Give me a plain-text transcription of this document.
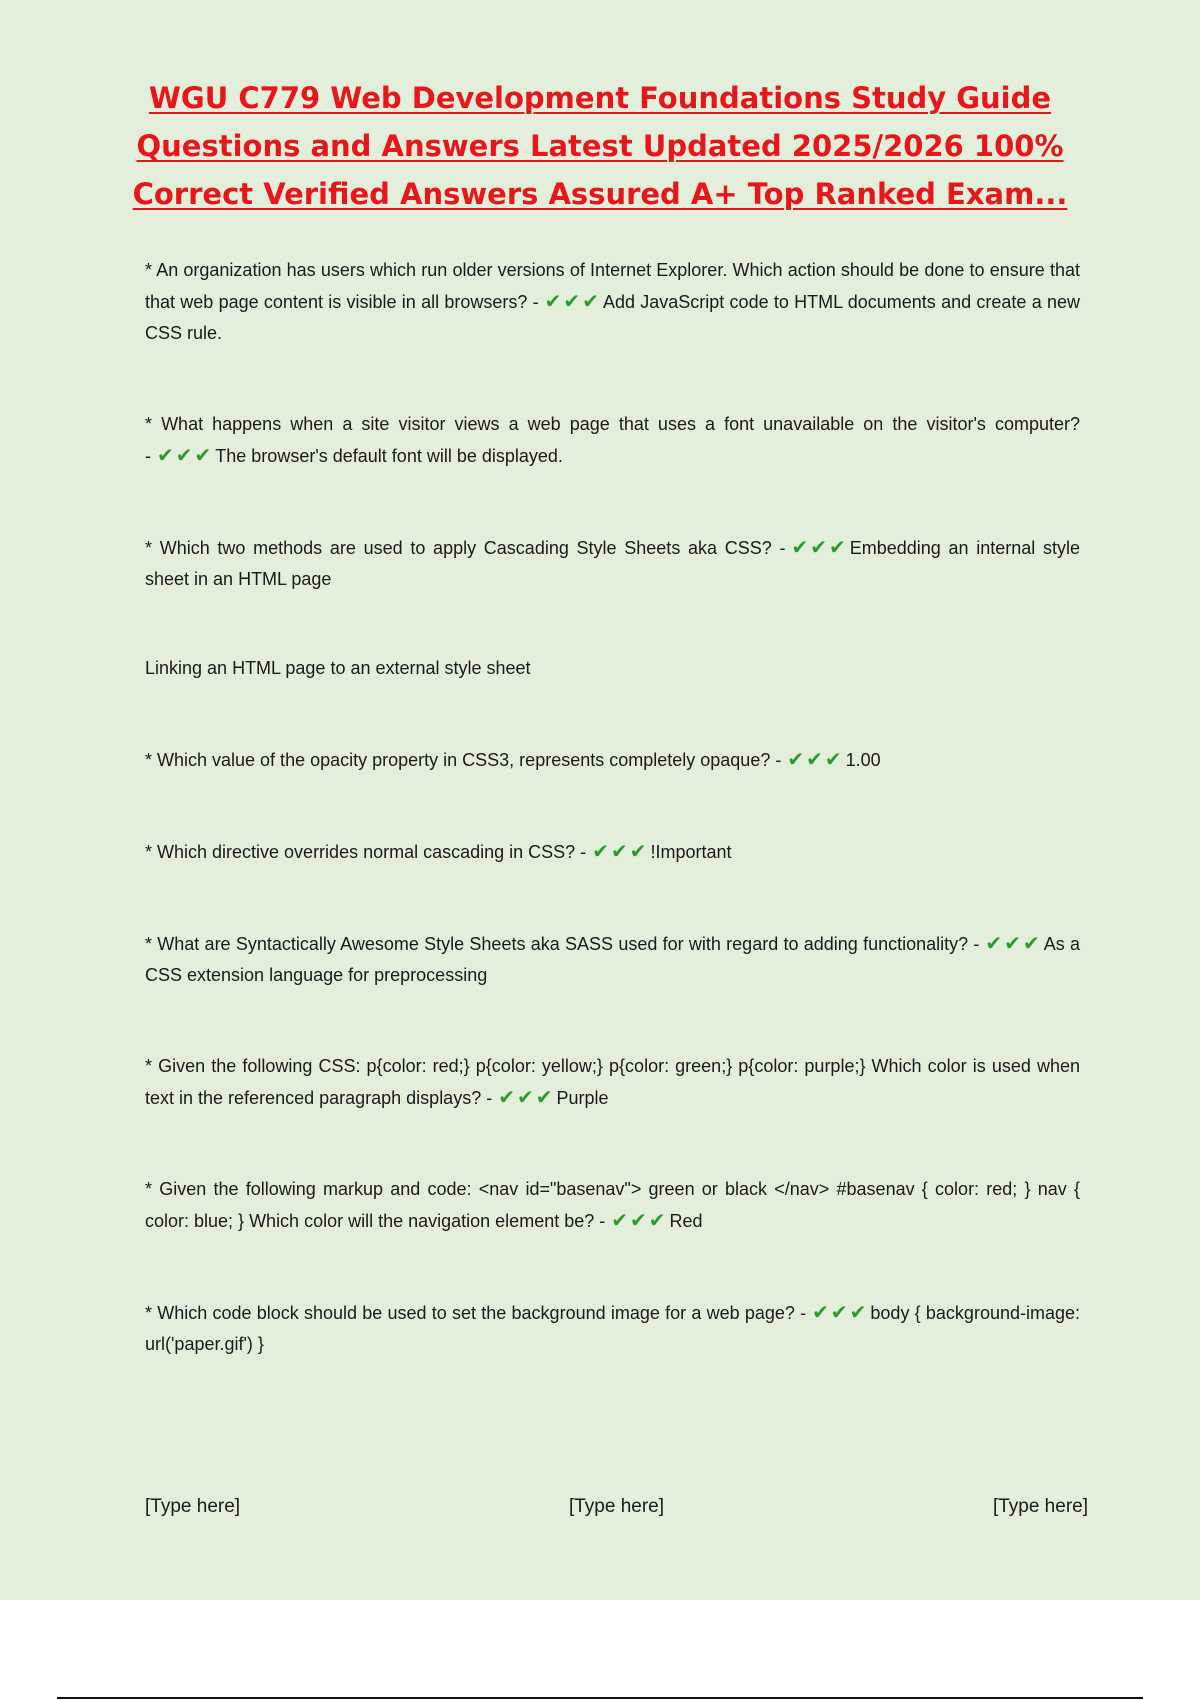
WGU C779 Web Development Foundations Study Guide
Questions and Answers Latest Updated 2025/2026 100%
Correct Verified Answers Assured A+ Top Ranked Exam...

* An organization has users which run older versions of Internet Explorer. Which action should be done to ensure that that web page content is visible in all browsers? - ✔✔✔ Add JavaScript code to HTML documents and create a new CSS rule.

* What happens when a site visitor views a web page that uses a font unavailable on the visitor's computer? - ✔✔✔ The browser's default font will be displayed.

* Which two methods are used to apply Cascading Style Sheets aka CSS? - ✔✔✔ Embedding an internal style sheet in an HTML page

Linking an HTML page to an external style sheet

* Which value of the opacity property in CSS3, represents completely opaque? - ✔✔✔ 1.00

* Which directive overrides normal cascading in CSS? - ✔✔✔ !Important

* What are Syntactically Awesome Style Sheets aka SASS used for with regard to adding functionality? - ✔✔✔ As a CSS extension language for preprocessing

* Given the following CSS: p{color: red;} p{color: yellow;} p{color: green;} p{color: purple;} Which color is used when text in the referenced paragraph displays? - ✔✔✔ Purple

* Given the following markup and code: <nav id="basenav"> green or black </nav> #basenav { color: red; } nav { color: blue; } Which color will the navigation element be? - ✔✔✔ Red

* Which code block should be used to set the background image for a web page? - ✔✔✔ body { background-image: url('paper.gif') }

[Type here]	[Type here]	[Type here]
